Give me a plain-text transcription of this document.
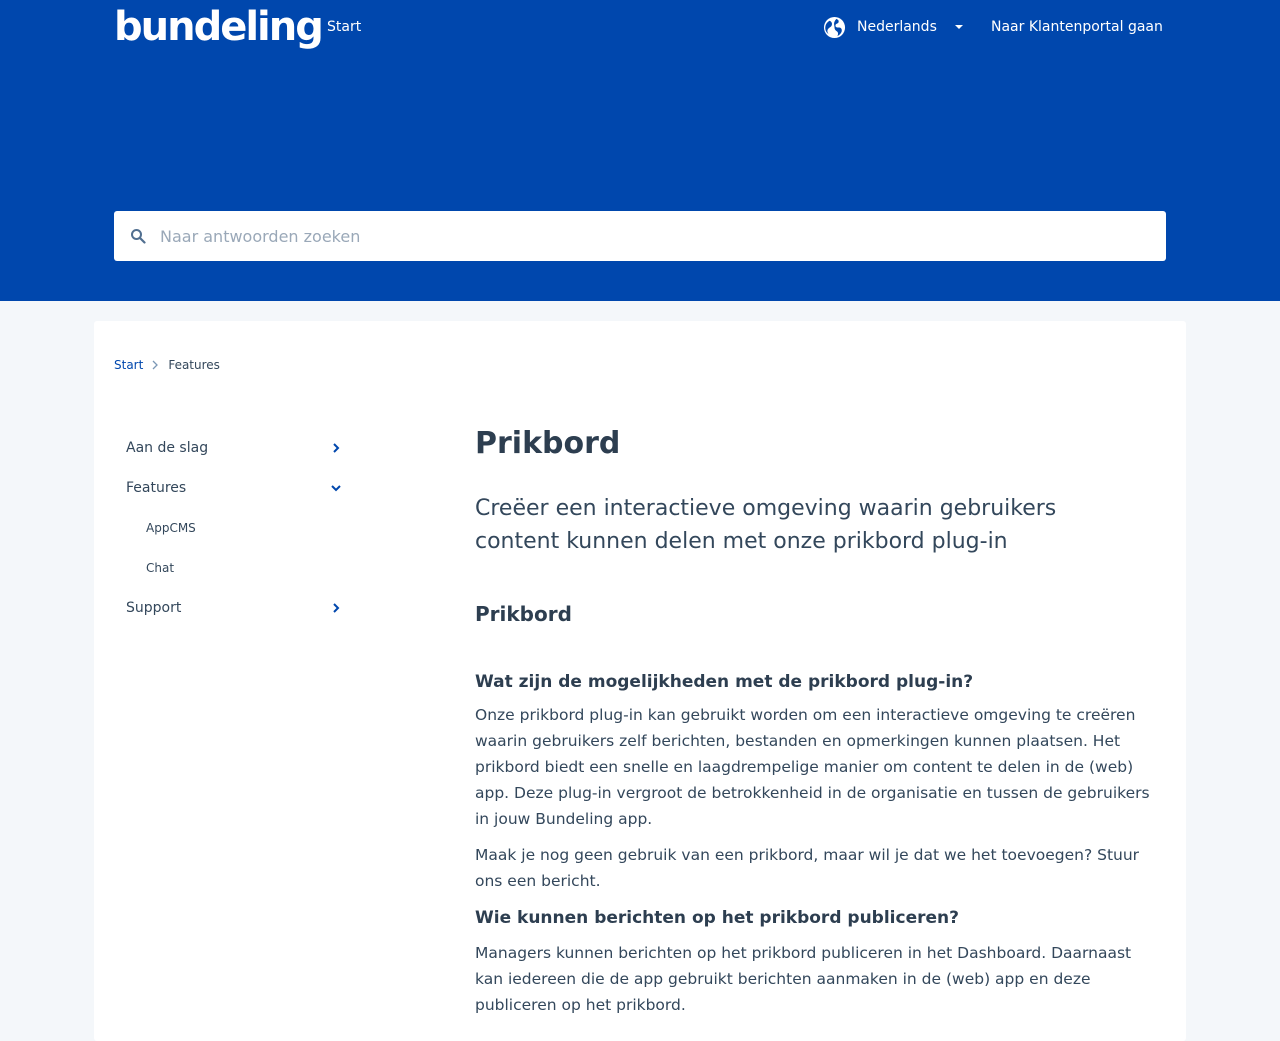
bundeling Start	Nederlands	Naar Klantenportal gaan
Naar antwoorden zoeken
Start Features
Aan de slag
Features
AppCMS
Chat
Support
Prikbord

Creëer een interactieve omgeving waarin gebruikers content kunnen delen met onze prikbord plug-in

Prikbord

Wat zijn de mogelijkheden met de prikbord plug-in?

Onze prikbord plug-in kan gebruikt worden om een interactieve omgeving te creëren waarin gebruikers zelf berichten, bestanden en opmerkingen kunnen plaatsen. Het prikbord biedt een snelle en laagdrempelige manier om content te delen in de (web) app. Deze plug-in vergroot de betrokkenheid in de organisatie en tussen de gebruikers in jouw Bundeling app.

Maak je nog geen gebruik van een prikbord, maar wil je dat we het toevoegen? Stuur ons een bericht.

Wie kunnen berichten op het prikbord publiceren?

Managers kunnen berichten op het prikbord publiceren in het Dashboard. Daarnaast kan iedereen die de app gebruikt berichten aanmaken in de (web) app en deze publiceren op het prikbord.
